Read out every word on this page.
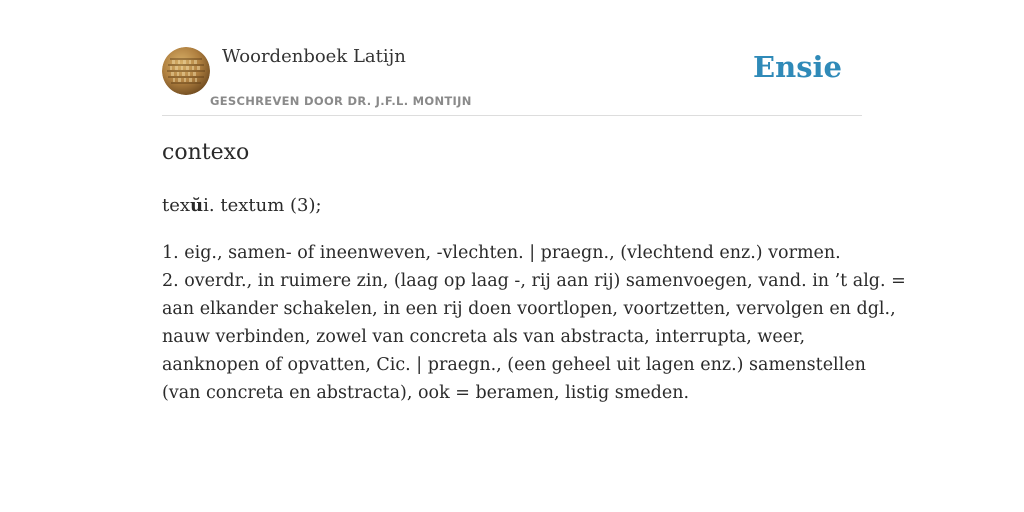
Woordenboek Latijn
GESCHREVEN DOOR DR. J.F.L. MONTIJN
Ensie
contexo
texŭi. textum (3);
1. eig., samen- of ineenweven, -vlechten. | praegn., (vlechtend enz.) vormen.
2. overdr., in ruimere zin, (laag op laag -, rij aan rij) samenvoegen, vand. in ’t alg. =
aan elkander schakelen, in een rij doen voortlopen, voortzetten, vervolgen en dgl.,
nauw verbinden, zowel van concreta als van abstracta, interrupta, weer,
aanknopen of opvatten, Cic. | praegn., (een geheel uit lagen enz.) samenstellen
(van concreta en abstracta), ook = beramen, listig smeden.
